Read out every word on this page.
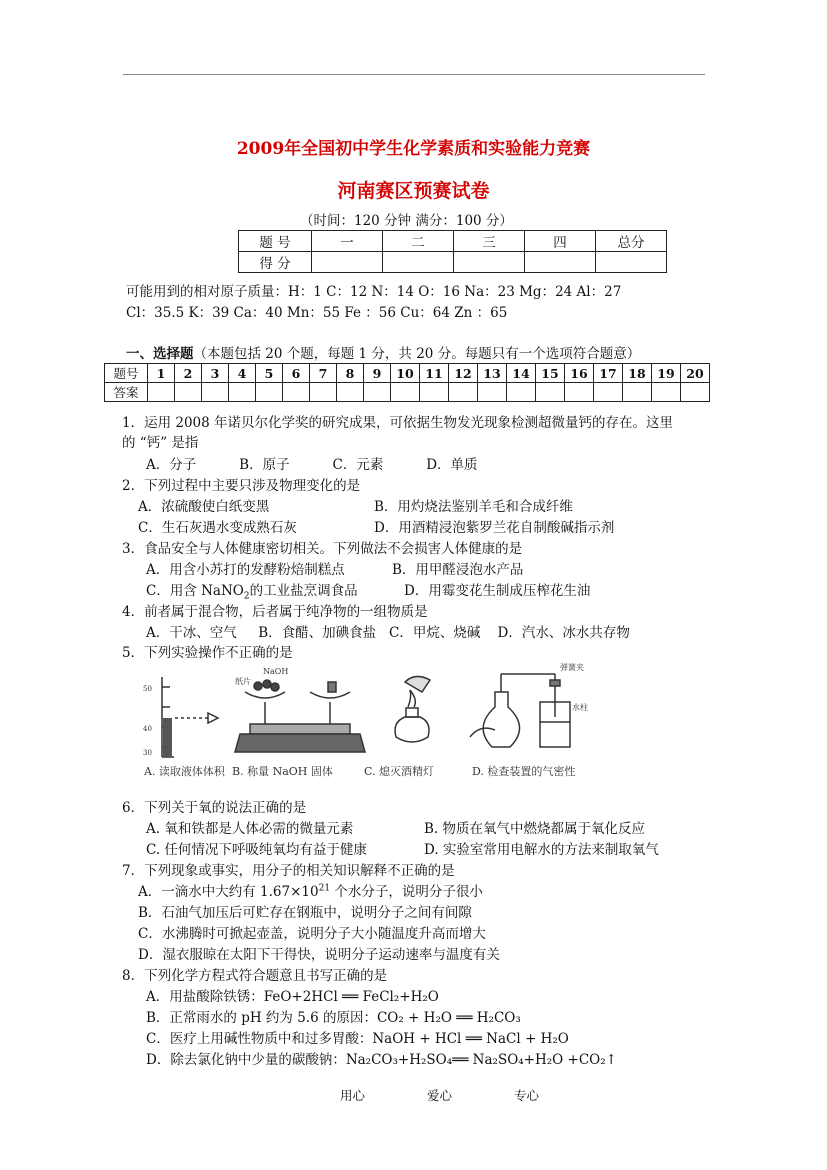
2009年全国初中学生化学素质和实验能力竞赛
河南赛区预赛试卷
（时间：120 分钟 满分：100 分）
题 号	一	二	三	四	总分
得 分					
可能用到的相对原子质量：H：1 C：12 N：14 O：16 Na：23 Mg：24 Al：27
Cl：35.5 K：39 Ca：40 Mn：55 Fe ：56 Cu：64 Zn ：65
一、选择题（本题包括 20 个题，每题 1 分，共 20 分。每题只有一个选项符合题意）
题号	1	2	3	4	5	6	7	8	9	10	11	12	13	14	15	16	17	18	19	20
答案																				
1．运用 2008 年诺贝尔化学奖的研究成果，可依据生物发光现象检测超微量钙的存在。这里
的 “钙” 是指
A．分子          B．原子          C．元素          D．单质
2．下列过程中主要只涉及物理变化的是
A．浓硫酸使白纸变黑	B．用灼烧法鉴别羊毛和合成纤维
C．生石灰遇水变成熟石灰	D．用酒精浸泡紫罗兰花自制酸碱指示剂
3．食品安全与人体健康密切相关。下列做法不会损害人体健康的是
A．用含小苏打的发酵粉焙制糕点	B．用甲醛浸泡水产品
C．用含 NaNO$_2$的工业盐烹调食品	D．用霉变花生制成压榨花生油
4．前者属于混合物，后者属于纯净物的一组物质是
A．干冰、空气     B．食醋、加碘食盐   C．甲烷、烧碱    D．汽水、冰水共存物
5．下列实验操作不正确的是
50
40
30
NaOH
纸片
弹簧夹
水柱
A. 读取液体体积 B. 称量 NaOH 固体	C. 熄灭酒精灯	D. 检查装置的气密性
6．下列关于氧的说法正确的是
A. 氧和铁都是人体必需的微量元素	B. 物质在氧气中燃烧都属于氧化反应
C. 任何情况下呼吸纯氧均有益于健康	D. 实验室常用电解水的方法来制取氧气
7．下列现象或事实，用分子的相关知识解释不正确的是
A．一滴水中大约有 $1.67\times 10^{21}$ 个水分子，说明分子很小
B．石油气加压后可贮存在钢瓶中，说明分子之间有间隙
C．水沸腾时可掀起壶盖，说明分子大小随温度升高而增大
D．湿衣服晾在太阳下干得快，说明分子运动速率与温度有关
8．下列化学方程式符合题意且书写正确的是
A．用盐酸除铁锈：FeO+2HCl ══ FeCl₂+H₂O
B．正常雨水的 pH 约为 5.6 的原因：CO₂ + H₂O ══ H₂CO₃
C．医疗上用碱性物质中和过多胃酸：NaOH + HCl ══ NaCl + H₂O
D．除去氯化钠中少量的碳酸钠：Na₂CO₃+H₂SO₄══ Na₂SO₄+H₂O +CO₂↑
用心	爱心	专心
